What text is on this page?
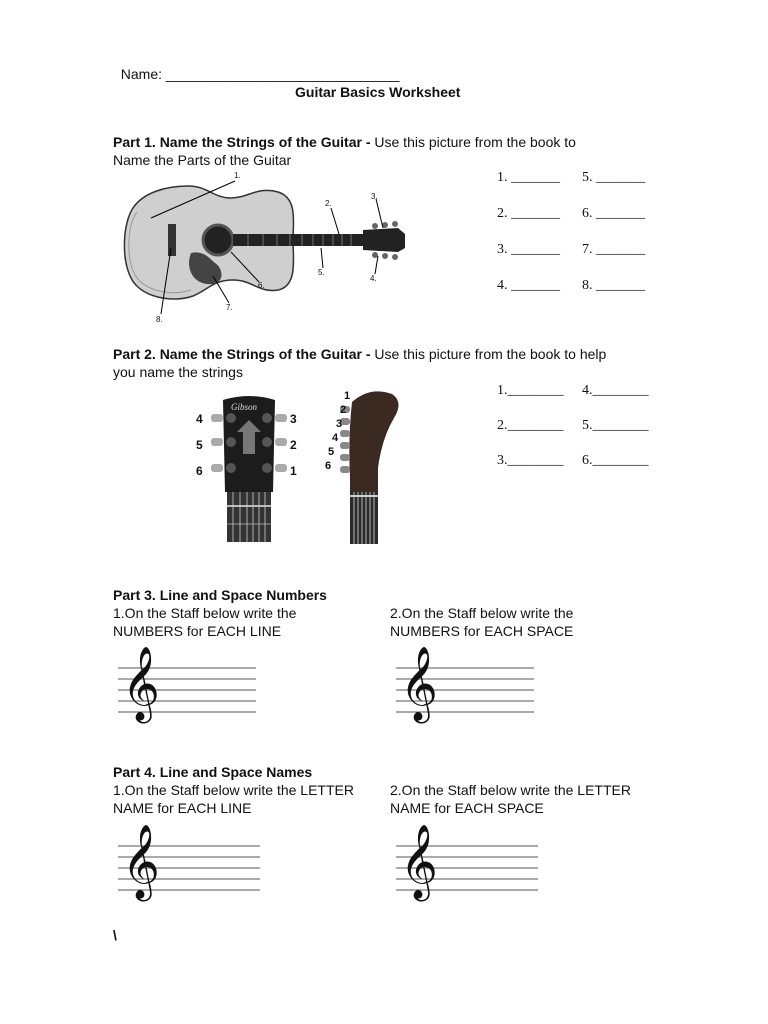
Name: ______________________________

Guitar Basics Worksheet
Part 1. Name the Strings of the Guitar - Use this picture from the book to
Name the Parts of the Guitar
1.
2.
3.
4.
5.
6.
7.
8.
1. _______ 5. _______
2. _______ 6. _______
3. _______ 7. _______
4. _______ 8. _______
Part 2. Name the Strings of the Guitar - Use this picture from the book to help
you name the strings
Gibson
4
5
6
3
2
1
1
2
3
4
5
6
1.________ 4.________
2.________ 5.________
3.________ 6.________
Part 3. Line and Space Numbers
1.On the Staff below write the
NUMBERS for EACH LINE
2.On the Staff below write the
NUMBERS for EACH SPACE
𝄞	𝄞
Part 4. Line and Space Names
1.On the Staff below write the LETTER
NAME for EACH LINE
2.On the Staff below write the LETTER
NAME for EACH SPACE
𝄞	𝄞
\
